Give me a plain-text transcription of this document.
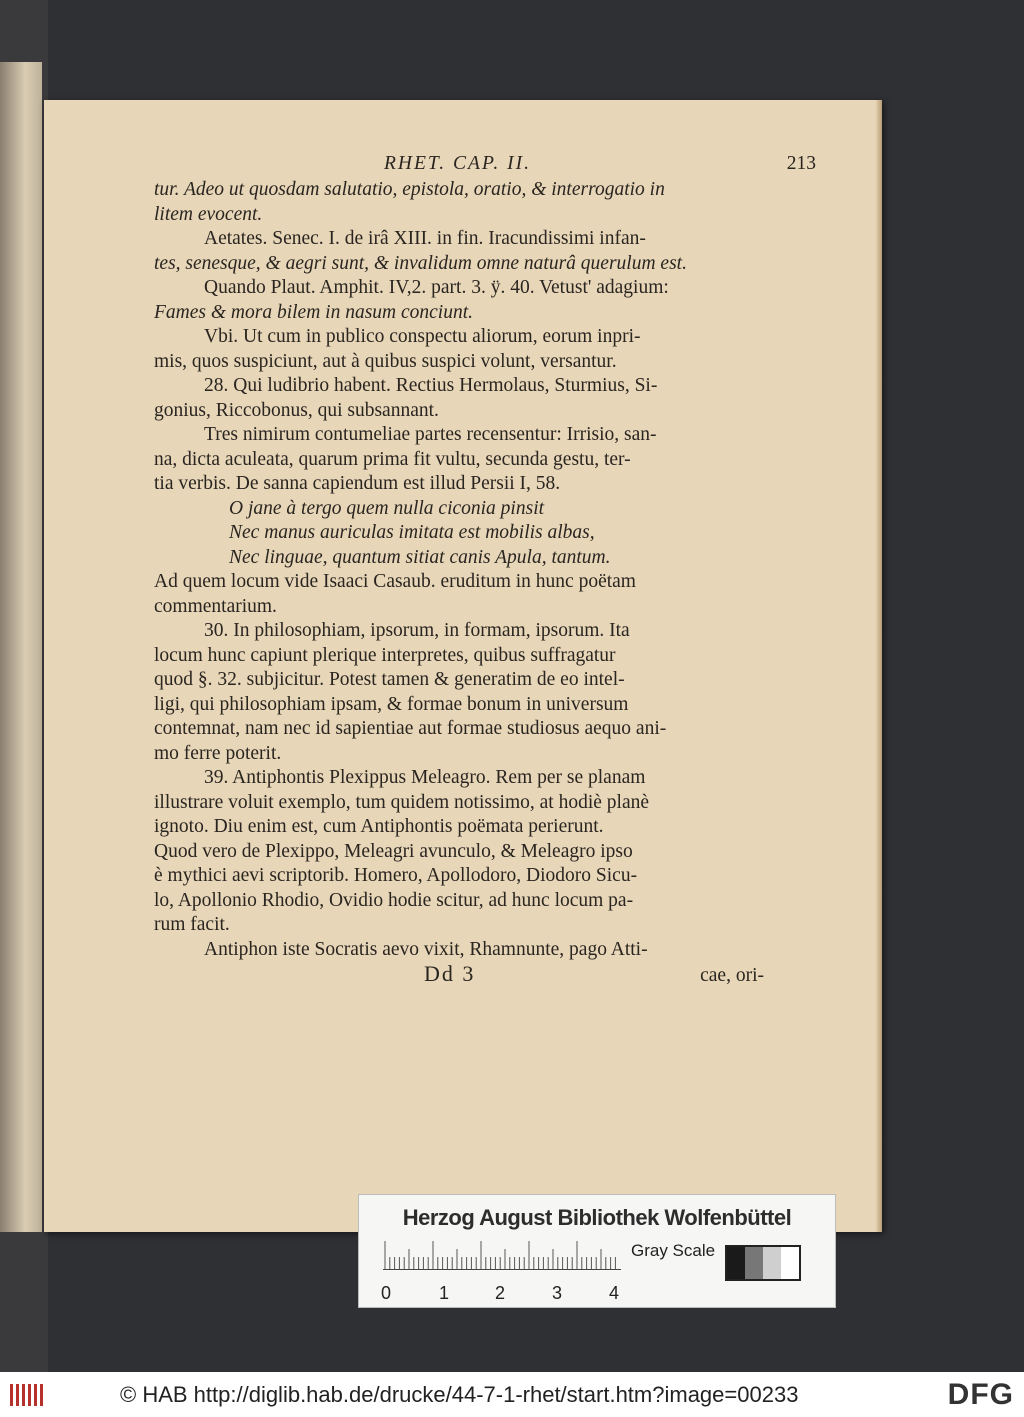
RHET. CAP. II.	213
tur. Adeo ut quosdam salutatio, epistola, oratio, & interrogatio in
litem evocent.
Aetates. Senec. I. de irâ XIII. in fin. Iracundissimi infan-
tes, senesque, & aegri sunt, & invalidum omne naturâ querulum est.
Quando Plaut. Amphit. IV,2. part. 3. ÿ. 40. Vetust' adagium:
Fames & mora bilem in nasum conciunt.
Vbi. Ut cum in publico conspectu aliorum, eorum inpri-
mis, quos suspiciunt, aut à quibus suspici volunt, versantur.
28. Qui ludibrio habent. Rectius Hermolaus, Sturmius, Si-
gonius, Riccobonus, qui subsannant.
Tres nimirum contumeliae partes recensentur: Irrisio, san-
na, dicta aculeata, quarum prima fit vultu, secunda gestu, ter-
tia verbis. De sanna capiendum est illud Persii I, 58.
O jane à tergo quem nulla ciconia pinsit
Nec manus auriculas imitata est mobilis albas,
Nec linguae, quantum sitiat canis Apula, tantum.
Ad quem locum vide Isaaci Casaub. eruditum in hunc poëtam
commentarium.
30. In philosophiam, ipsorum, in formam, ipsorum. Ita
locum hunc capiunt plerique interpretes, quibus suffragatur
quod §. 32. subjicitur. Potest tamen & generatim de eo intel-
ligi, qui philosophiam ipsam, & formae bonum in universum
contemnat, nam nec id sapientiae aut formae studiosus aequo ani-
mo ferre poterit.
39. Antiphontis Plexippus Meleagro. Rem per se planam
illustrare voluit exemplo, tum quidem notissimo, at hodiè planè
ignoto. Diu enim est, cum Antiphontis poëmata perierunt.
Quod vero de Plexippo, Meleagri avunculo, & Meleagro ipso
è mythici aevi scriptorib. Homero, Apollodoro, Diodoro Sicu-
lo, Apollonio Rhodio, Ovidio hodie scitur, ad hunc locum pa-
rum facit.
Antiphon iste Socratis aevo vixit, Rhamnunte, pago Atti-
Dd 3	cae, ori-
Herzog August Bibliothek Wolfenbüttel
0	1	2	3	4
Gray Scale
© HAB http://diglib.hab.de/drucke/44-7-1-rhet/start.htm?image=00233	DFG
